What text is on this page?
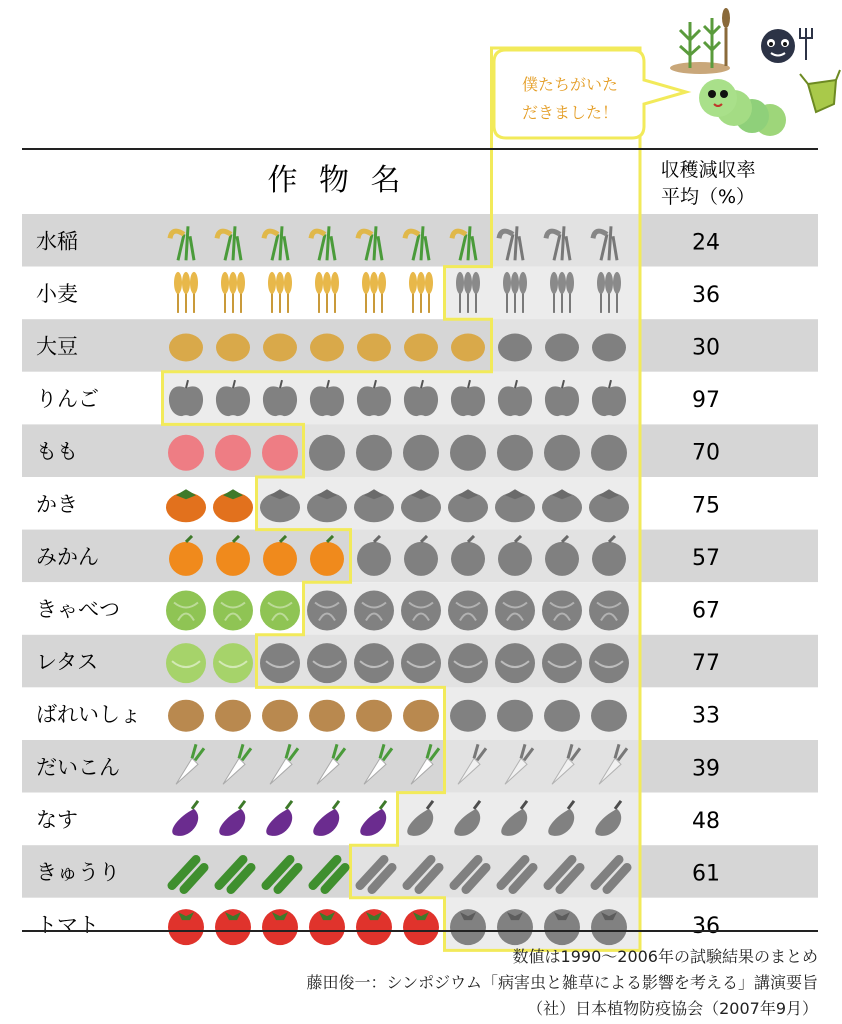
作 物 名	収穫減収率
平均（%）
僕たちがいた
だきました！
水稲	24
小麦	36
大豆	30
りんご	97
もも	70
かき	75
みかん	57
きゃべつ	67
レタス	77
ばれいしょ	33
だいこん	39
なす	48
きゅうり	61
トマト	36
数値は1990～2006年の試験結果のまとめ
藤田俊一：シンポジウム「病害虫と雑草による影響を考える」講演要旨
（社）日本植物防疫協会（2007年9月）
